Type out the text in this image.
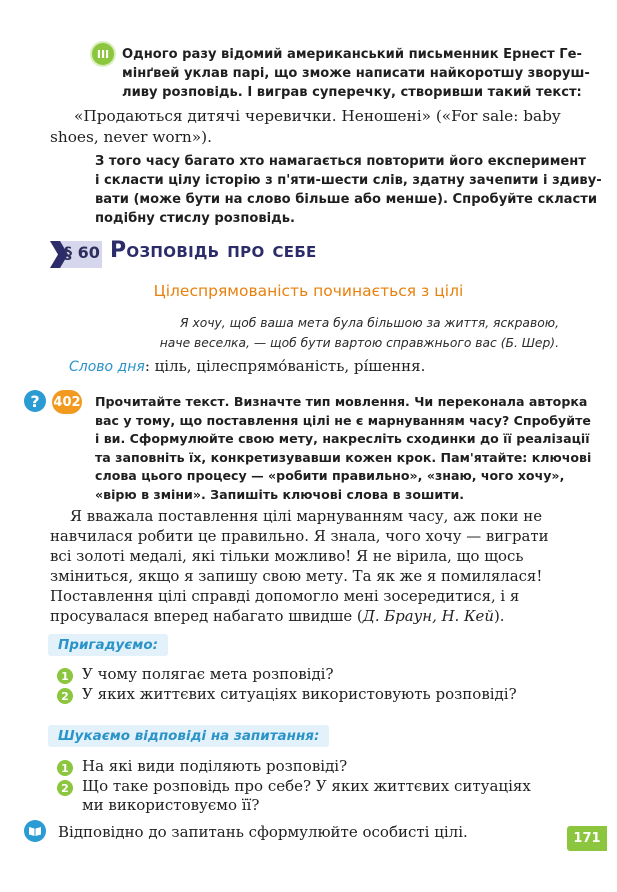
III Одного разу відомий американський письменник Ернест Ге-
мінґвей уклав парі, що зможе написати найкоротшу зворуш-
ливу розповідь. І виграв суперечку, створивши такий текст:
«Продаються дитячі черевички. Неношені» («For sale: baby
shoes, never worn»).
З того часу багато хто намагається повторити його експеримент
і скласти цілу історію з п'яти-шести слів, здатну зачепити і здиву-
вати (може бути на слово більше або менше). Спробуйте скласти
подібну стислу розповідь.
§ 60 Розповідь про себе
Цілеспрямованість починається з цілі
Я хочу, щоб ваша мета була більшою за життя, яскравою,
наче веселка, — щоб бути вартою справжнього вас (Б. Шер).
Слово дня: ціль, цілеспрямо́ваність, рі́шення.
?	402 Прочитайте текст. Визначте тип мовлення. Чи переконала авторка
вас у тому, що поставлення цілі не є марнуванням часу? Спробуйте
і ви. Сформулюйте свою мету, накресліть сходинки до її реалізації
та заповніть їх, конкретизувавши кожен крок. Пам'ятайте: ключові
слова цього процесу — «робити правильно», «знаю, чого хочу»,
«вірю в зміни». Запишіть ключові слова в зошити.
Я вважала поставлення цілі марнуванням часу, аж поки не
навчилася робити це правильно. Я знала, чого хочу — виграти
всі золоті медалі, які тільки можливо! Я не вірила, що щось
зміниться, якщо я запишу свою мету. Та як же я помилялася!
Поставлення цілі справді допомогло мені зосередитися, і я
просувалася вперед набагато швидше (Д. Браун, Н. Кей).
Пригадуємо:
1 У чому полягає мета розповіді?
2 У яких життєвих ситуаціях використовують розповіді?
Шукаємо відповіді на запитання:
1 На які види поділяють розповіді?
2 Що таке розповідь про себе? У яких життєвих ситуаціях
ми використовуємо її?
Відповідно до запитань сформулюйте особисті цілі.	171
